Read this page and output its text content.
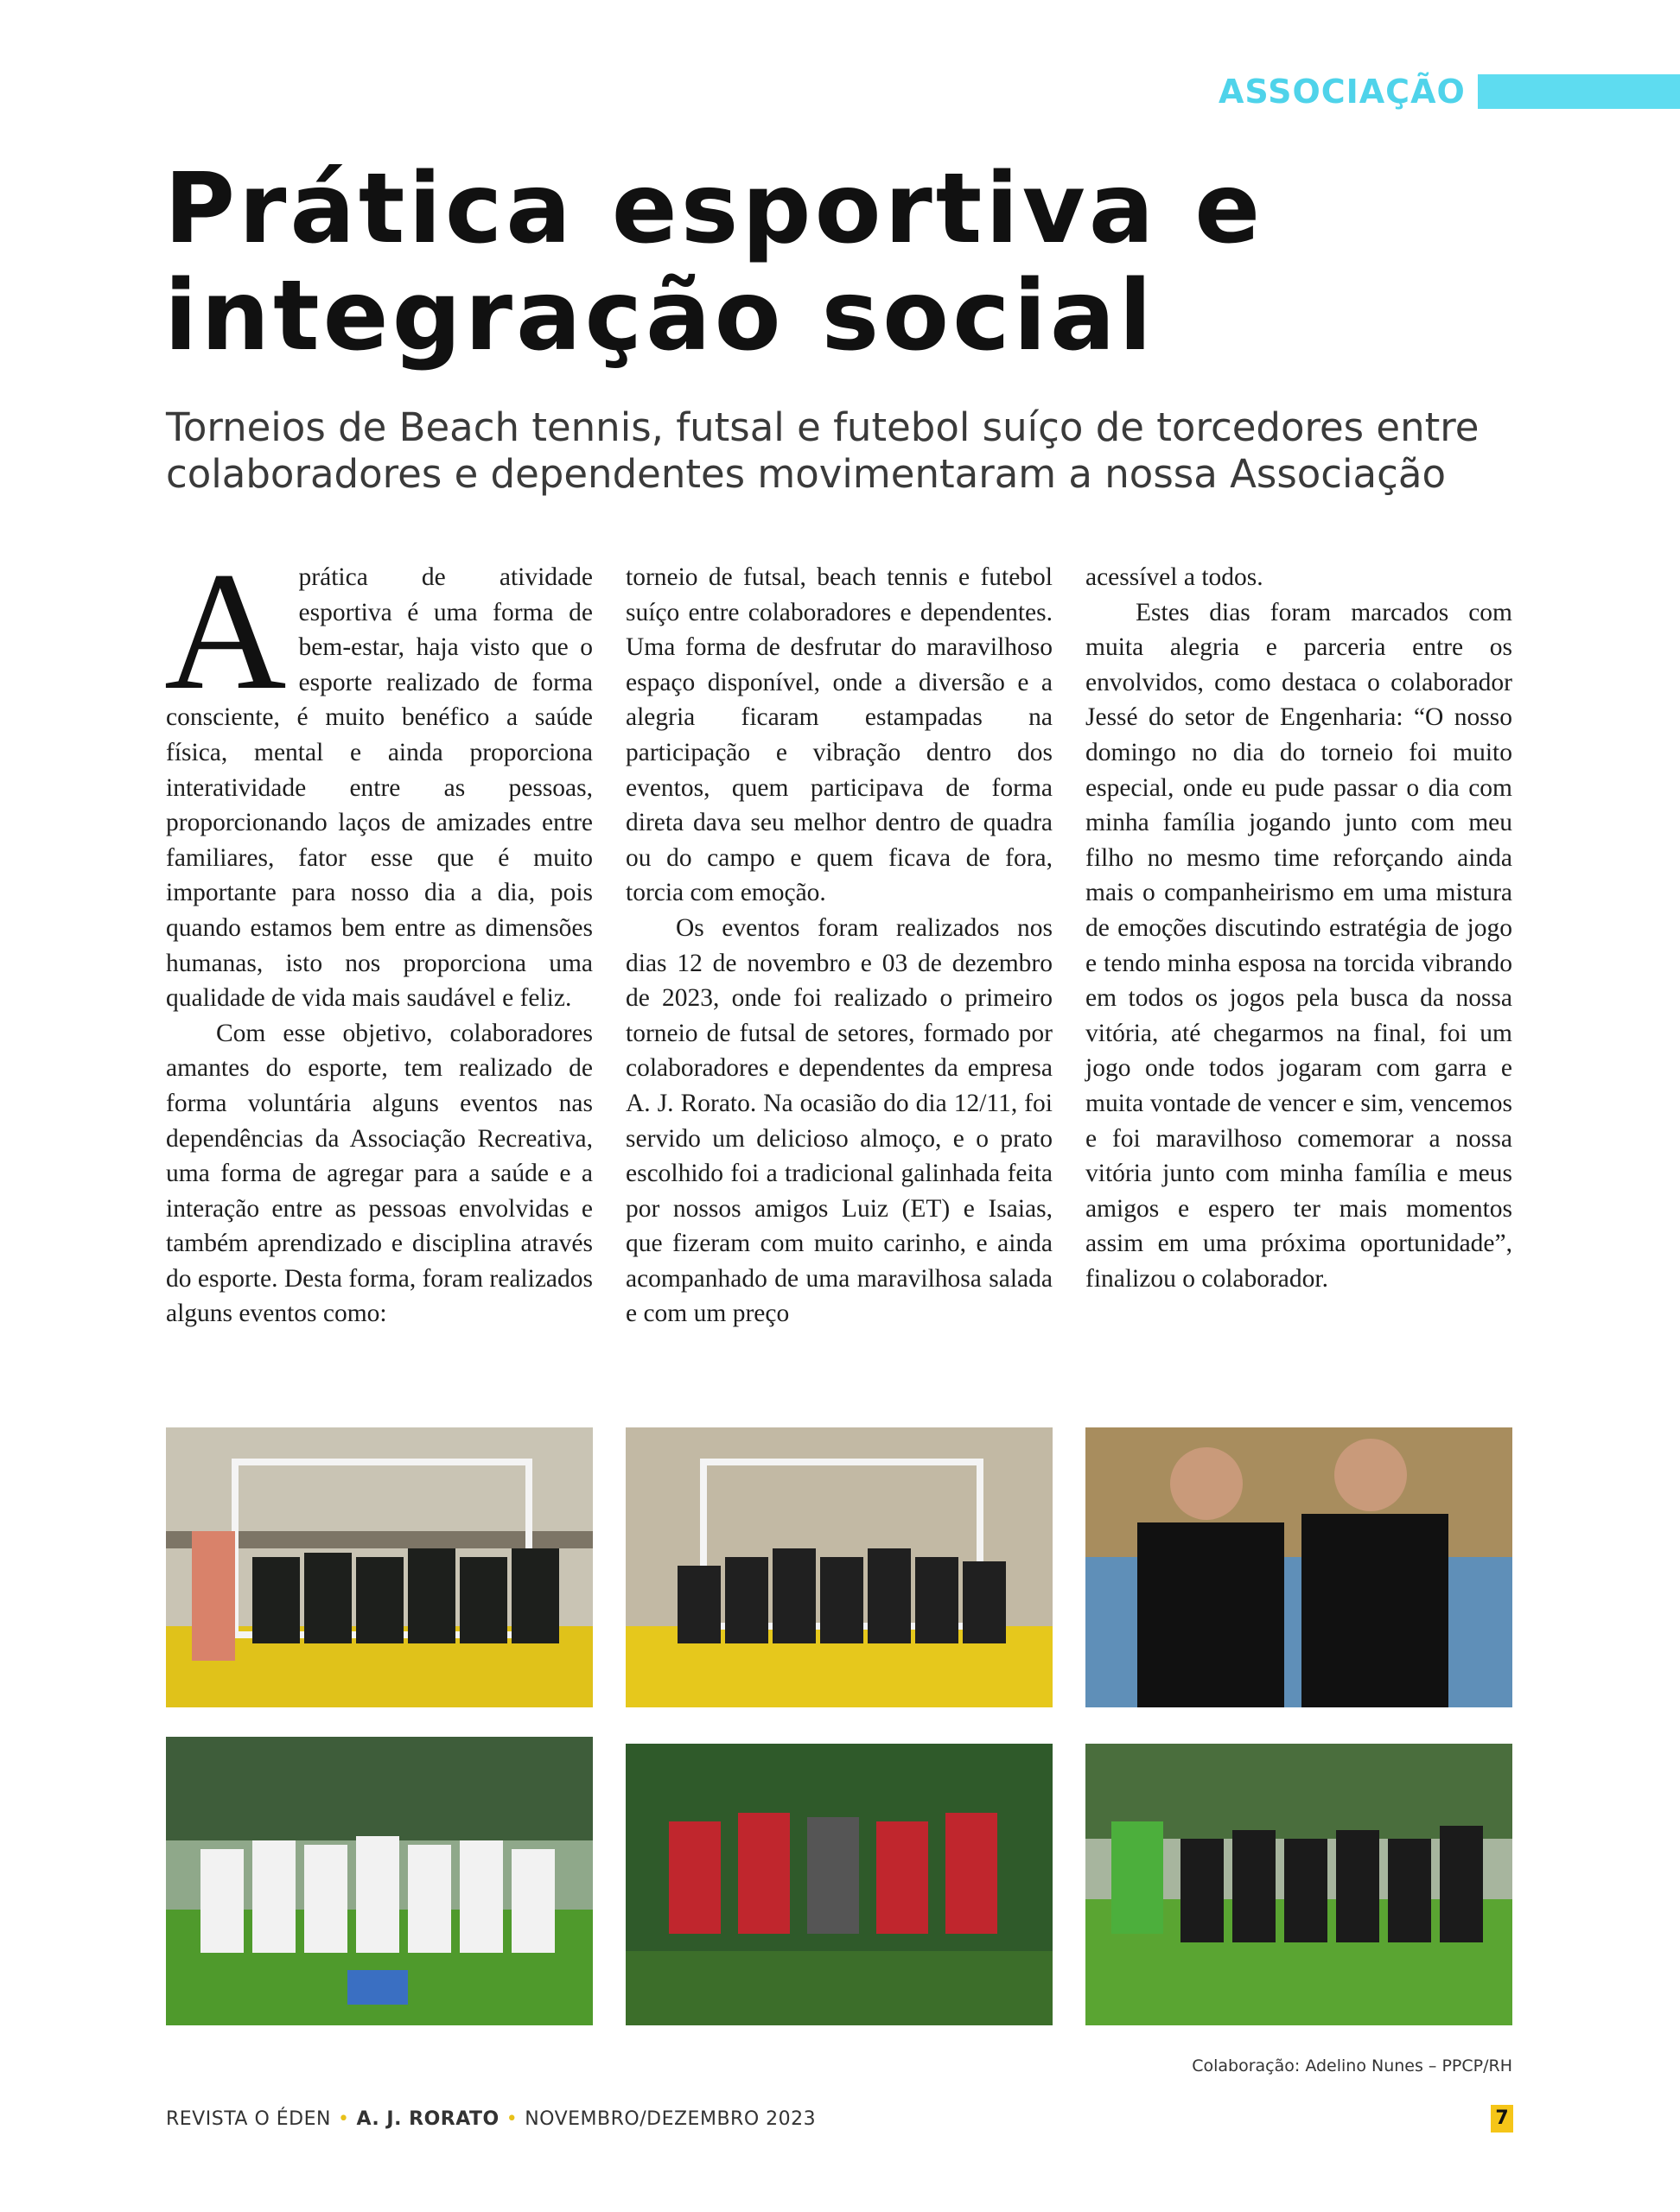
ASSOCIAÇÃO
Prática esportiva e
integração social
Torneios de Beach tennis, futsal e futebol suíço de torcedores entre
colaboradores e dependentes movimentaram a nossa Associação

Aprática de atividade esportiva é uma forma de bem-estar, haja visto que o esporte realizado de forma consciente, é muito benéfico a saúde física, mental e ainda proporciona interatividade entre as pessoas, proporcionando laços de amizades entre familiares, fator esse que é muito importante para nosso dia a dia, pois quando estamos bem entre as dimensões humanas, isto nos proporciona uma qualidade de vida mais saudável e feliz.

Com esse objetivo, colaboradores amantes do esporte, tem realizado de forma voluntária alguns eventos nas dependências da Associação Recreativa, uma forma de agregar para a saúde e a interação entre as pessoas envolvidas e também aprendizado e disciplina através do esporte. Desta forma, foram realizados alguns eventos como:

torneio de futsal, beach tennis e futebol suíço entre colaboradores e dependentes. Uma forma de desfrutar do maravilhoso espaço disponível, onde a diversão e a alegria ficaram estampadas na participação e vibração dentro dos eventos, quem participava de forma direta dava seu melhor dentro de quadra ou do campo e quem ficava de fora, torcia com emoção.

Os eventos foram realizados nos dias 12 de novembro e 03 de dezembro de 2023, onde foi realizado o primeiro torneio de futsal de setores, formado por colaboradores e dependentes da empresa A. J. Rorato. Na ocasião do dia 12/11, foi servido um delicioso almoço, e o prato escolhido foi a tradicional galinhada feita por nossos amigos Luiz (ET) e Isaias, que fizeram com muito carinho, e ainda acompanhado de uma maravilhosa salada e com um preço

acessível a todos.

Estes dias foram marcados com muita alegria e parceria entre os envolvidos, como destaca o colaborador Jessé do setor de Engenharia: “O nosso domingo no dia do torneio foi muito especial, onde eu pude passar o dia com minha família jogando junto com meu filho no mesmo time reforçando ainda mais o companheirismo em uma mistura de emoções discutindo estratégia de jogo e tendo minha esposa na torcida vibrando em todos os jogos pela busca da nossa vitória, até chegarmos na final, foi um jogo onde todos jogaram com garra e muita vontade de vencer e sim, vencemos e foi maravilhoso comemorar a nossa vitória junto com minha família e meus amigos e espero ter mais momentos assim em uma próxima oportunidade”, finalizou o colaborador.

Colaboração: Adelino Nunes – PPCP/RH
REVISTA O ÉDEN • A. J. RORATO • NOVEMBRO/DEZEMBRO 2023	7
